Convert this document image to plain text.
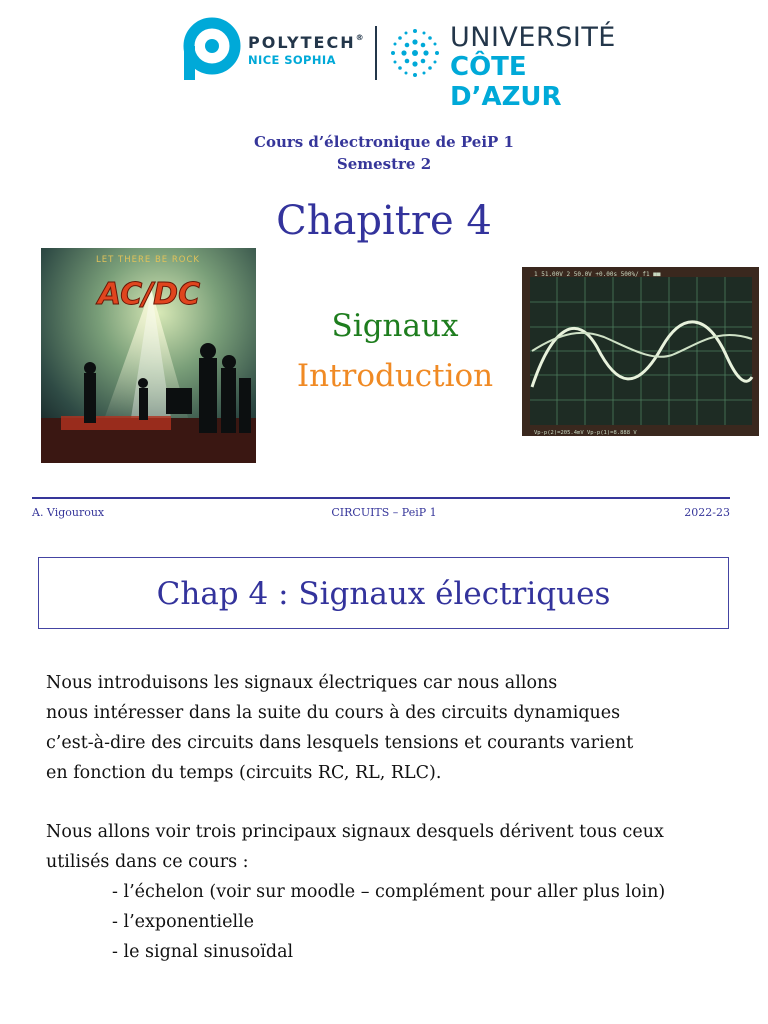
POLYTECH®
NICE SOPHIA
UNIVERSITÉ
CÔTE D’AZUR
Cours d’électronique de PeiP 1
Semestre 2
Chapitre 4
Signaux
Introduction
LET THERE BE ROCK
AC/DC
1 51.00V 2 50.0V +0.00s 500%/ f1 ■■
Vp-p(2)=205.4mV Vp-p(1)=8.888 V
A. Vigouroux	CIRCUITS – PeiP 1	2022-23
Chap 4 : Signaux électriques
Nous introduisons les signaux électriques car nous allons
nous intéresser dans la suite du cours à des circuits dynamiques
c’est-à-dire des circuits dans lesquels tensions et courants varient
en fonction du temps (circuits RC, RL, RLC).
Nous allons voir trois principaux signaux desquels dérivent tous ceux
utilisés dans ce cours :
- l’échelon (voir sur moodle – complément pour aller plus loin)
- l’exponentielle
- le signal sinusoïdal
